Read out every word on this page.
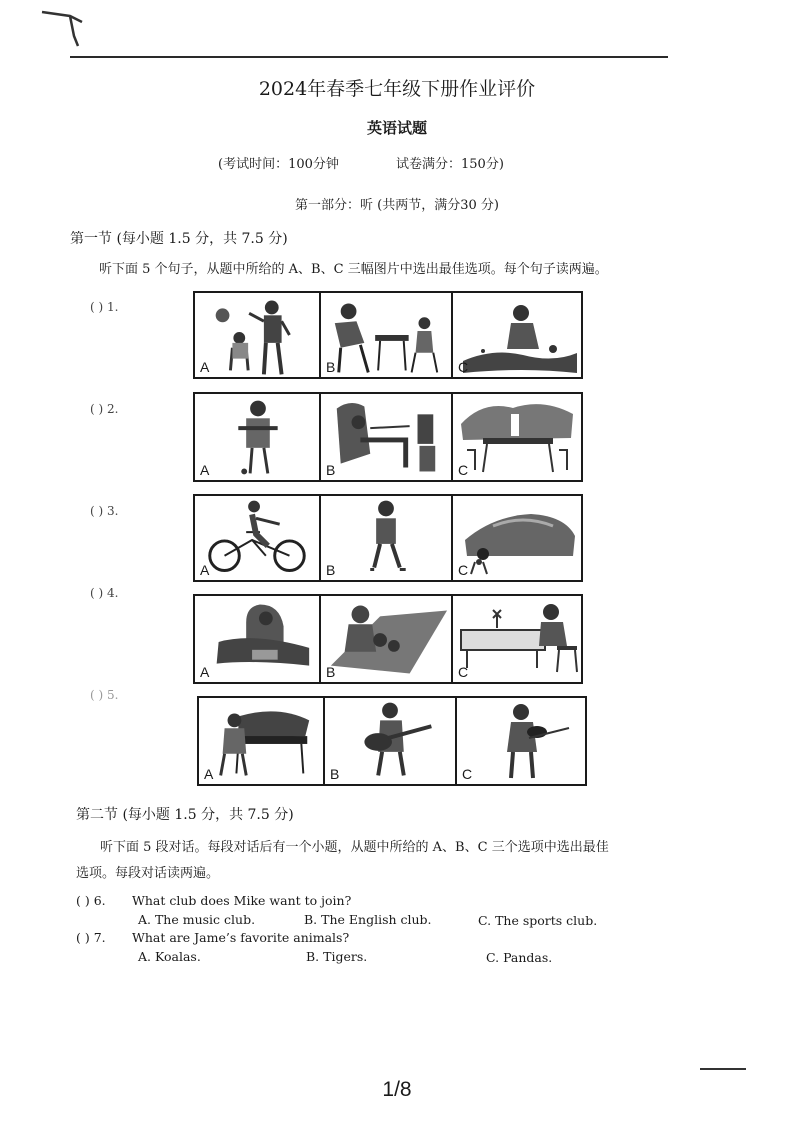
2024年春季七年级下册作业评价
英语试题
(考试时间：100分钟	试卷满分：150分)
第一部分：听 (共两节，满分30 分)
第一节 (每小题 1.5 分，共 7.5 分)
听下面 5 个句子，从题中所给的 A、B、C 三幅图片中选出最佳选项。每个句子读两遍。
( ) 1.
A	B	C
( ) 2.
A	B	C
( ) 3.
A	B	C
( ) 4.
A	B	C
( ) 5.
A	B	C
第二节 (每小题 1.5 分，共 7.5 分)
听下面 5 段对话。每段对话后有一个小题，从题中所给的 A、B、C 三个选项中选出最佳
选项。每段对话读两遍。
( ) 6. What club does Mike want to join?
A. The music club.	B. The English club.	C. The sports club.
( ) 7. What are Jame’s favorite animals?
A. Koalas.	B. Tigers.	C. Pandas.
1/8
